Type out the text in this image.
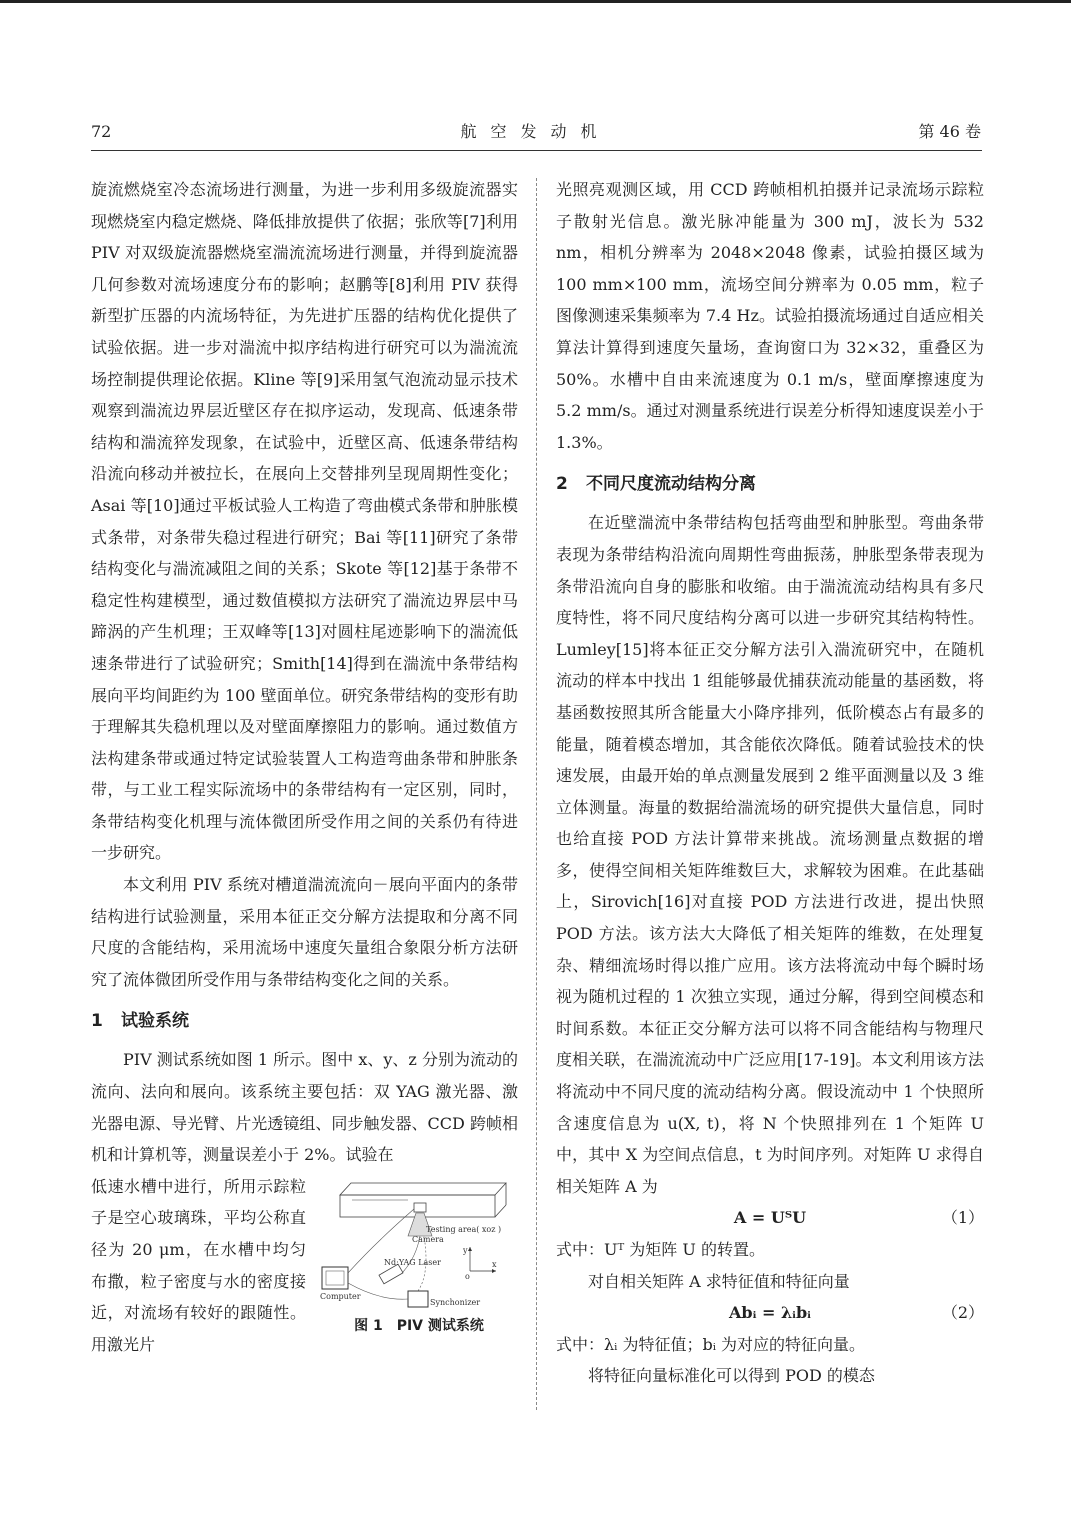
72	航空发动机	第 46 卷

旋流燃烧室冷态流场进行测量，为进一步利用多级旋流器实现燃烧室内稳定燃烧、降低排放提供了依据；张欣等[7]利用 PIV 对双级旋流器燃烧室湍流流场进行测量，并得到旋流器几何参数对流场速度分布的影响；赵鹏等[8]利用 PIV 获得新型扩压器的内流场特征，为先进扩压器的结构优化提供了试验依据。进一步对湍流中拟序结构进行研究可以为湍流流场控制提供理论依据。Kline 等[9]采用氢气泡流动显示技术观察到湍流边界层近壁区存在拟序运动，发现高、低速条带结构和湍流猝发现象，在试验中，近壁区高、低速条带结构沿流向移动并被拉长，在展向上交替排列呈现周期性变化；Asai 等[10]通过平板试验人工构造了弯曲模式条带和肿胀模式条带，对条带失稳过程进行研究；Bai 等[11]研究了条带结构变化与湍流减阻之间的关系；Skote 等[12]基于条带不稳定性构建模型，通过数值模拟方法研究了湍流边界层中马蹄涡的产生机理；王双峰等[13]对圆柱尾迹影响下的湍流低速条带进行了试验研究；Smith[14]得到在湍流中条带结构展向平均间距约为 100 壁面单位。研究条带结构的变形有助于理解其失稳机理以及对壁面摩擦阻力的影响。通过数值方法构建条带或通过特定试验装置人工构造弯曲条带和肿胀条带，与工业工程实际流场中的条带结构有一定区别，同时，条带结构变化机理与流体微团所受作用之间的关系仍有待进一步研究。

本文利用 PIV 系统对槽道湍流流向－展向平面内的条带结构进行试验测量，采用本征正交分解方法提取和分离不同尺度的含能结构，采用流场中速度矢量组合象限分析方法研究了流体微团所受作用与条带结构变化之间的关系。

1 试验系统

PIV 测试系统如图 1 所示。图中 x、y、z 分别为流动的流向、法向和展向。该系统主要包括：双 YAG 激光器、激光器电源、导光臂、片光透镜组、同步触发器、CCD 跨帧相机和计算机等，测量误差小于 2%。试验在

低速水槽中进行，所用示踪粒子是空心玻璃珠，平均公称直径为 20 μm，在水槽中均匀布撒，粒子密度与水的密度接近，对流场有较好的跟随性。用激光片

Testing area( xoz )
Camera
Nd:YAG Laser
Computer
Synchonizer
y
x
o
图 1　PIV 测试系统

光照亮观测区域，用 CCD 跨帧相机拍摄并记录流场示踪粒子散射光信息。激光脉冲能量为 300 mJ，波长为 532 nm，相机分辨率为 2048×2048 像素，试验拍摄区域为 100 mm×100 mm，流场空间分辨率为 0.05 mm，粒子图像测速采集频率为 7.4 Hz。试验拍摄流场通过自适应相关算法计算得到速度矢量场，查询窗口为 32×32，重叠区为 50%。水槽中自由来流速度为 0.1 m/s，壁面摩擦速度为 5.2 mm/s。通过对测量系统进行误差分析得知速度误差小于 1.3%。

2 不同尺度流动结构分离

在近壁湍流中条带结构包括弯曲型和肿胀型。弯曲条带表现为条带结构沿流向周期性弯曲振荡，肿胀型条带表现为条带沿流向自身的膨胀和收缩。由于湍流流动结构具有多尺度特性，将不同尺度结构分离可以进一步研究其结构特性。Lumley[15]将本征正交分解方法引入湍流研究中，在随机流动的样本中找出 1 组能够最优捕获流动能量的基函数，将基函数按照其所含能量大小降序排列，低阶模态占有最多的能量，随着模态增加，其含能依次降低。随着试验技术的快速发展，由最开始的单点测量发展到 2 维平面测量以及 3 维立体测量。海量的数据给湍流场的研究提供大量信息，同时也给直接 POD 方法计算带来挑战。流场测量点数据的增多，使得空间相关矩阵维数巨大，求解较为困难。在此基础上，Sirovich[16]对直接 POD 方法进行改进，提出快照 POD 方法。该方法大大降低了相关矩阵的维数，在处理复杂、精细流场时得以推广应用。该方法将流动中每个瞬时场视为随机过程的 1 次独立实现，通过分解，得到空间模态和时间系数。本征正交分解方法可以将不同含能结构与物理尺度相关联，在湍流流动中广泛应用[17-19]。本文利用该方法将流动中不同尺度的流动结构分离。假设流动中 1 个快照所含速度信息为 u(X, t)，将 N 个快照排列在 1 个矩阵 U 中，其中 X 为空间点信息，t 为时间序列。对矩阵 U 求得自相关矩阵 A 为

A = UᵀU	（1）

式中：Uᵀ 为矩阵 U 的转置。

对自相关矩阵 A 求特征值和特征向量

Abᵢ = λᵢbᵢ	（2）

式中：λᵢ 为特征值；bᵢ 为对应的特征向量。

将特征向量标准化可以得到 POD 的模态
